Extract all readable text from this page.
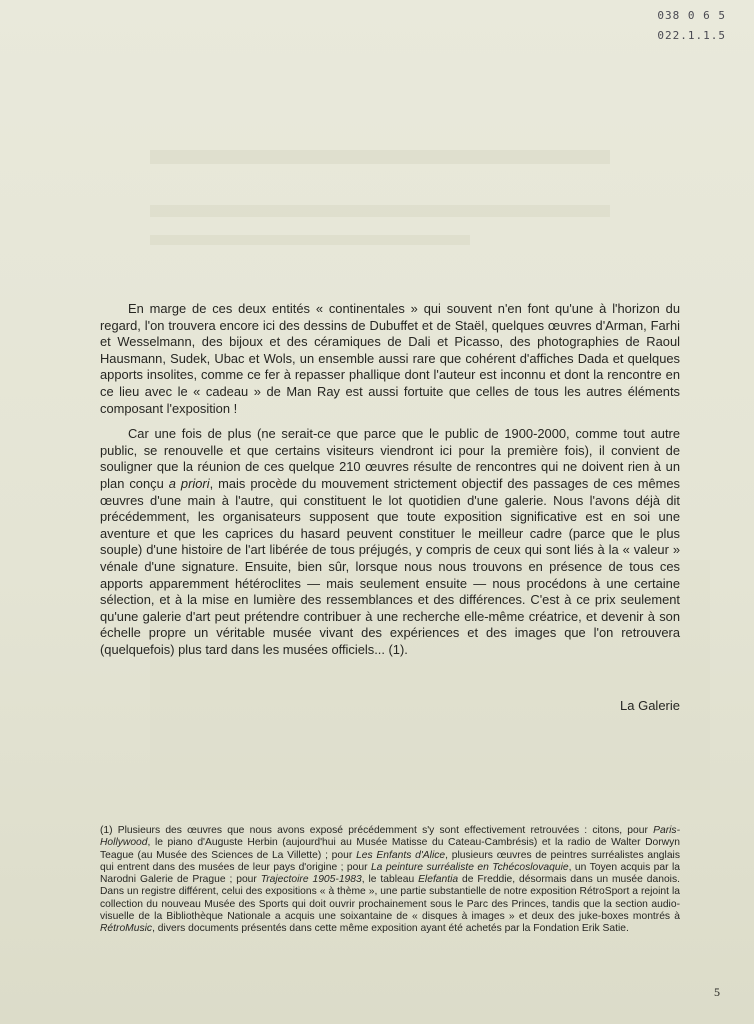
038 0 6 5
022.1.1.5

En marge de ces deux entités « continentales » qui souvent n'en font qu'une à l'horizon du regard, l'on trouvera encore ici des dessins de Dubuffet et de Staël, quelques œuvres d'Arman, Farhi et Wesselmann, des bijoux et des céramiques de Dali et Picasso, des photographies de Raoul Hausmann, Sudek, Ubac et Wols, un ensemble aussi rare que cohérent d'affiches Dada et quelques apports insolites, comme ce fer à repasser phallique dont l'auteur est inconnu et dont la rencontre en ce lieu avec le « cadeau » de Man Ray est aussi fortuite que celles de tous les autres éléments composant l'exposition !

Car une fois de plus (ne serait-ce que parce que le public de 1900-2000, comme tout autre public, se renouvelle et que certains visiteurs viendront ici pour la première fois), il convient de souligner que la réunion de ces quelque 210 œuvres résulte de rencontres qui ne doivent rien à un plan conçu a priori, mais procède du mouvement strictement objectif des passages de ces mêmes œuvres d'une main à l'autre, qui constituent le lot quotidien d'une galerie. Nous l'avons déjà dit précédemment, les organisateurs supposent que toute exposition significative est en soi une aventure et que les caprices du hasard peuvent constituer le meilleur cadre (parce que le plus souple) d'une histoire de l'art libérée de tous préjugés, y compris de ceux qui sont liés à la « valeur » vénale d'une signature. Ensuite, bien sûr, lorsque nous nous trouvons en présence de tous ces apports apparemment hétéroclites — mais seulement ensuite — nous procédons à une certaine sélection, et à la mise en lumière des ressemblances et des différences. C'est à ce prix seulement qu'une galerie d'art peut prétendre contribuer à une recherche elle-même créatrice, et devenir à son échelle propre un véritable musée vivant des expériences et des images que l'on retrouvera (quelquefois) plus tard dans les musées officiels... (1).

La Galerie

(1) Plusieurs des œuvres que nous avons exposé précédemment s'y sont effectivement retrouvées : citons, pour Paris-Hollywood, le piano d'Auguste Herbin (aujourd'hui au Musée Matisse du Cateau-Cambrésis) et la radio de Walter Dorwyn Teague (au Musée des Sciences de La Villette) ; pour Les Enfants d'Alice, plusieurs œuvres de peintres surréalistes anglais qui entrent dans des musées de leur pays d'origine ; pour La peinture surréaliste en Tchécoslovaquie, un Toyen acquis par la Narodni Galerie de Prague ; pour Trajectoire 1905-1983, le tableau Elefantia de Freddie, désormais dans un musée danois. Dans un registre différent, celui des expositions « à thème », une partie substantielle de notre exposition RétroSport a rejoint la collection du nouveau Musée des Sports qui doit ouvrir prochainement sous le Parc des Princes, tandis que la section audio-visuelle de la Bibliothèque Nationale a acquis une soixantaine de « disques à images » et deux des juke-boxes montrés à RétroMusic, divers documents présentés dans cette même exposition ayant été achetés par la Fondation Erik Satie.

5
